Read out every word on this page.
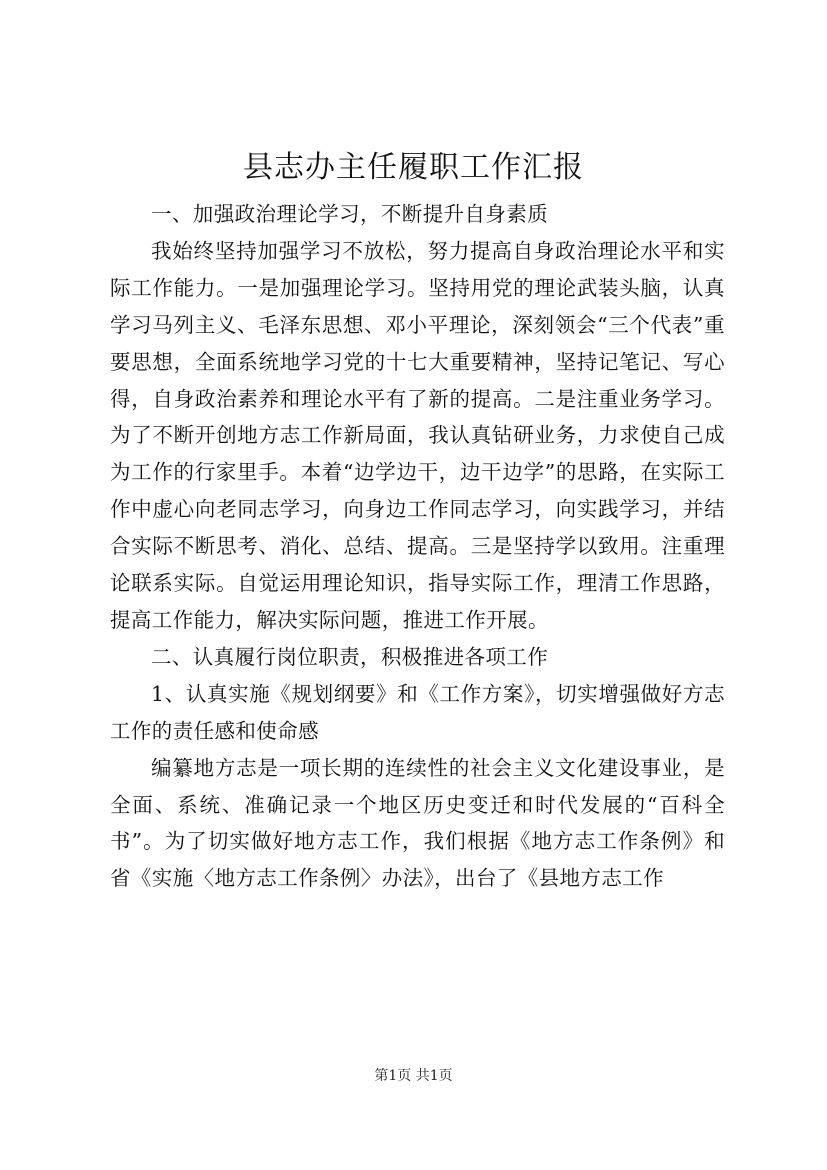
县志办主任履职工作汇报

一、加强政治理论学习，不断提升自身素质

我始终坚持加强学习不放松，努力提高自身政治理论水平和实际工作能力。一是加强理论学习。坚持用党的理论武装头脑，认真学习马列主义、毛泽东思想、邓小平理论，深刻领会“三个代表”重要思想，全面系统地学习党的十七大重要精神，坚持记笔记、写心得，自身政治素养和理论水平有了新的提高。二是注重业务学习。为了不断开创地方志工作新局面，我认真钻研业务，力求使自己成为工作的行家里手。本着“边学边干，边干边学”的思路，在实际工作中虚心向老同志学习，向身边工作同志学习，向实践学习，并结合实际不断思考、消化、总结、提高。三是坚持学以致用。注重理论联系实际。自觉运用理论知识，指导实际工作，理清工作思路，提高工作能力，解决实际问题，推进工作开展。

二、认真履行岗位职责，积极推进各项工作

1、认真实施《规划纲要》和《工作方案》，切实增强做好方志工作的责任感和使命感

编纂地方志是一项长期的连续性的社会主义文化建设事业，是全面、系统、准确记录一个地区历史变迁和时代发展的“百科全书”。为了切实做好地方志工作，我们根据《地方志工作条例》和省《实施〈地方志工作条例〉办法》，出台了《县地方志工作

第1页 共1页
